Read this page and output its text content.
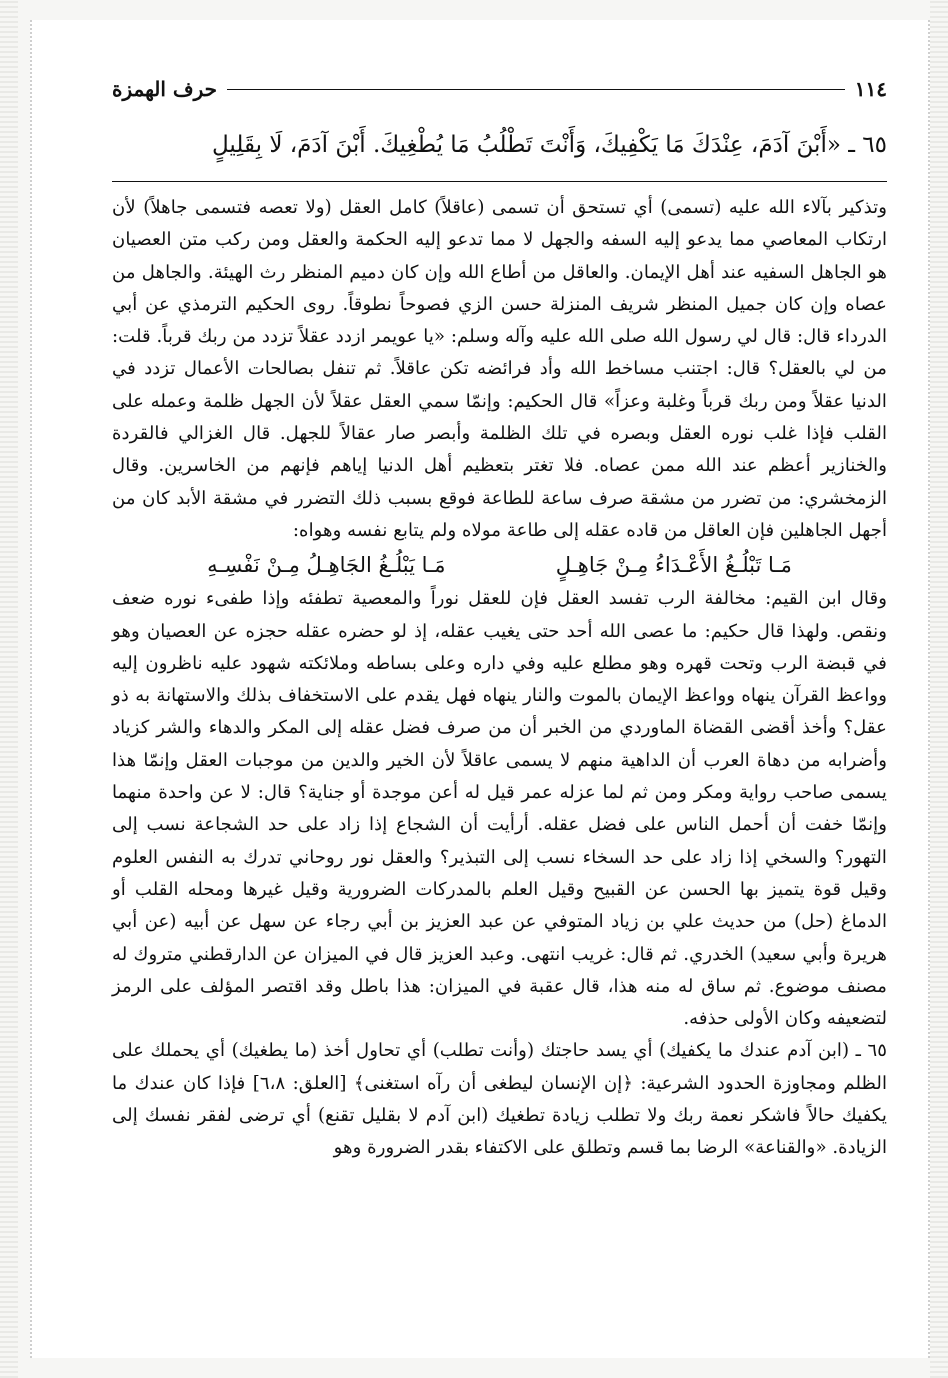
١١٤
حرف الهمزة
٦٥ ـ «أَبْنَ آدَمَ، عِنْدَكَ مَا يَكْفِيكَ، وَأَنْتَ تَطْلُبُ مَا يُطْغِيكَ. أَبْنَ آدَمَ، لَا بِقَلِيلٍ

وتذكير بآلاء الله عليه (تسمى) أي تستحق أن تسمى (عاقلاً) كامل العقل (ولا تعصه فتسمى جاهلاً) لأن ارتكاب المعاصي مما يدعو إليه السفه والجهل لا مما تدعو إليه الحكمة والعقل ومن ركب متن العصيان هو الجاهل السفيه عند أهل الإيمان. والعاقل من أطاع الله وإن كان دميم المنظر رث الهيئة. والجاهل من عصاه وإن كان جميل المنظر شريف المنزلة حسن الزي فصوحاً نطوقاً. روى الحكيم الترمذي عن أبي الدرداء قال: قال لي رسول الله صلى الله عليه وآله وسلم: «يا عويمر ازدد عقلاً تزدد من ربك قرباً. قلت: من لي بالعقل؟ قال: اجتنب مساخط الله وأد فرائضه تكن عاقلاً. ثم تنفل بصالحات الأعمال تزدد في الدنيا عقلاً ومن ربك قرباً وغلبة وعزاً» قال الحكيم: وإنمّا سمي العقل عقلاً لأن الجهل ظلمة وعمله على القلب فإذا غلب نوره العقل وبصره في تلك الظلمة وأبصر صار عقالاً للجهل. قال الغزالي فالقردة والخنازير أعظم عند الله ممن عصاه. فلا تغتر بتعظيم أهل الدنيا إياهم فإنهم من الخاسرين. وقال الزمخشري: من تضرر من مشقة صرف ساعة للطاعة فوقع بسبب ذلك التضرر في مشقة الأبد كان من أجهل الجاهلين فإن العاقل من قاده عقله إلى طاعة مولاه ولم يتابع نفسه وهواه:

مَـا تَبْلُـغُ الأَعْـدَاءُ مِـنْ جَاهِـلٍ
مَـا يَبْلُـغُ الجَاهِـلُ مِـنْ نَفْسِـهِ

وقال ابن القيم: مخالفة الرب تفسد العقل فإن للعقل نوراً والمعصية تطفئه وإذا طفىء نوره ضعف ونقص. ولهذا قال حكيم: ما عصى الله أحد حتى يغيب عقله، إذ لو حضره عقله حجزه عن العصيان وهو في قبضة الرب وتحت قهره وهو مطلع عليه وفي داره وعلى بساطه وملائكته شهود عليه ناظرون إليه وواعظ القرآن ينهاه وواعظ الإيمان بالموت والنار ينهاه فهل يقدم على الاستخفاف بذلك والاستهانة به ذو عقل؟ وأخذ أقضى القضاة الماوردي من الخبر أن من صرف فضل عقله إلى المكر والدهاء والشر كزياد وأضرابه من دهاة العرب أن الداهية منهم لا يسمى عاقلاً لأن الخير والدين من موجبات العقل وإنمّا هذا يسمى صاحب رواية ومكر ومن ثم لما عزله عمر قيل له أعن موجدة أو جناية؟ قال: لا عن واحدة منهما وإنمّا خفت أن أحمل الناس على فضل عقله. أرأيت أن الشجاع إذا زاد على حد الشجاعة نسب إلى التهور؟ والسخي إذا زاد على حد السخاء نسب إلى التبذير؟ والعقل نور روحاني تدرك به النفس العلوم وقيل قوة يتميز بها الحسن عن القبيح وقيل العلم بالمدركات الضرورية وقيل غيرها ومحله القلب أو الدماغ (حل) من حديث علي بن زياد المتوفي عن عبد العزيز بن أبي رجاء عن سهل عن أبيه (عن أبي هريرة وأبي سعيد) الخدري. ثم قال: غريب انتهى. وعبد العزيز قال في الميزان عن الدارقطني متروك له مصنف موضوع. ثم ساق له منه هذا، قال عقبة في الميزان: هذا باطل وقد اقتصر المؤلف على الرمز لتضعيفه وكان الأولى حذفه.

٦٥ ـ (ابن آدم عندك ما يكفيك) أي يسد حاجتك (وأنت تطلب) أي تحاول أخذ (ما يطغيك) أي يحملك على الظلم ومجاوزة الحدود الشرعية: ﴿إن الإنسان ليطغى أن رآه استغنى﴾ [العلق: ٦،٨] فإذا كان عندك ما يكفيك حالاً فاشكر نعمة ربك ولا تطلب زيادة تطغيك (ابن آدم لا بقليل تقنع) أي ترضى لفقر نفسك إلى الزيادة. «والقناعة» الرضا بما قسم وتطلق على الاكتفاء بقدر الضرورة وهو
